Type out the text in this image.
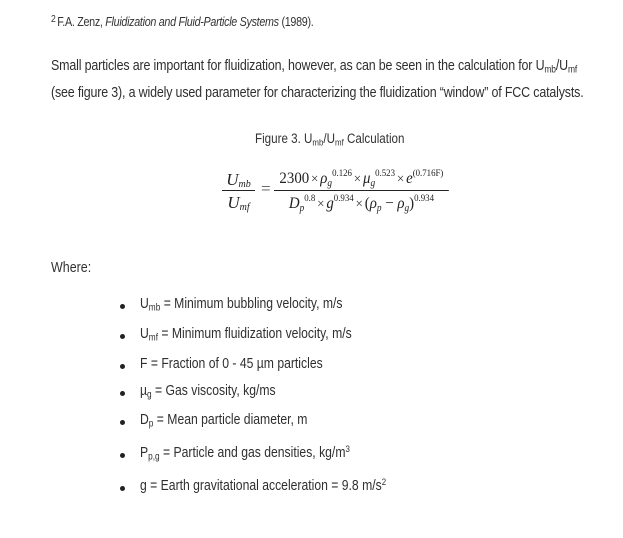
$^2$ F.A. Zenz, Fluidization and Fluid-Particle Systems (1989).
Small particles are important for fluidization, however, as can be seen in the calculation for $U_{mb}/U_{mf}$
(see figure 3), a widely used parameter for characterizing the fluidization “window” of FCC catalysts.
Figure 3. $U_{mb}/U_{mf}$ Calculation
$U_{mb}$
$U_{mf}$
=
$2300 \times \rho_g^{0.126} \times \mu_g^{0.523} \times e^{(0.716F)}$
$D_p^{0.8} \times g^{0.934} \times (\rho_p - \rho_g)^{0.934}$
Where:
$U_{mb}$ = Minimum bubbling velocity, m/s
$U_{mf}$ = Minimum fluidization velocity, m/s
F = Fraction of 0 - 45 µm particles
µ$_g$ = Gas viscosity, kg/ms
$D_p$ = Mean particle diameter, m
$P_{p,g}$ = Particle and gas densities, $kg/m^3$
g = Earth gravitational acceleration = 9.8 $m/s^2$
